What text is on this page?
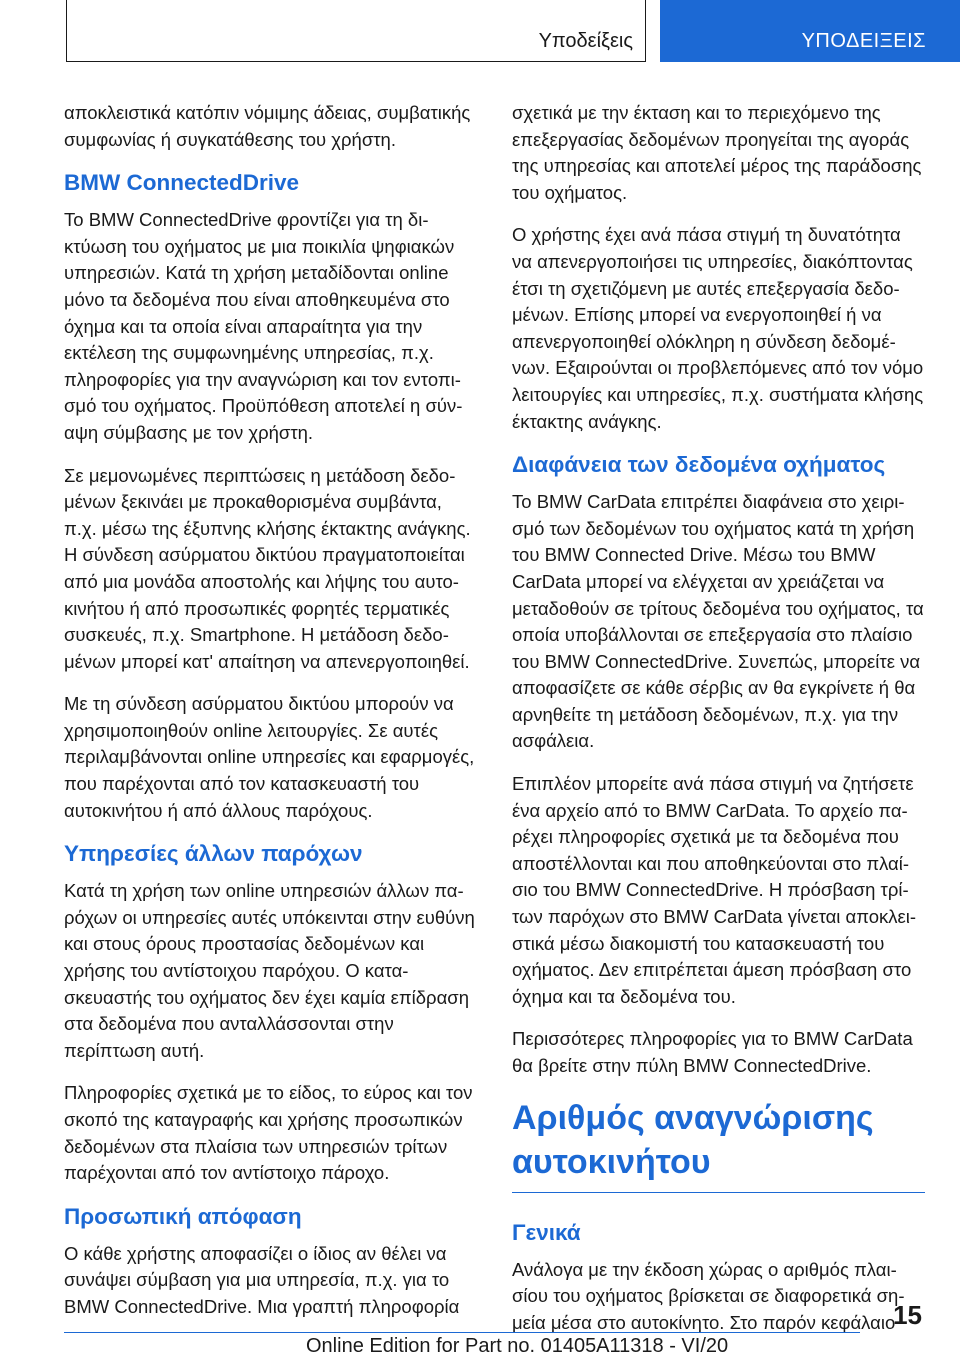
Υποδείξεις	ΥΠΟΔΕΙΞΕΙΣ

αποκλειστικά κατόπιν νόμιμης άδειας, συμβατικής συμφωνίας ή συγκατάθεσης του χρήστη.

BMW ConnectedDrive

Το BMW ConnectedDrive φροντίζει για τη δικτύωση του οχήματος με μια ποικιλία ψηφιακών υπηρεσιών. Κατά τη χρήση μεταδίδονται online μόνο τα δεδομένα που είναι αποθηκευμένα στο όχημα και τα οποία είναι απαραίτητα για την εκτέλεση της συμφωνημένης υπηρεσίας, π.χ. πληροφορίες για την αναγνώριση και τον εντοπισμό του οχήματος. Προϋπόθεση αποτελεί η σύναψη σύμβασης με τον χρήστη.

Σε μεμονωμένες περιπτώσεις η μετάδοση δεδομένων ξεκινάει με προκαθορισμένα συμβάντα, π.χ. μέσω της έξυπνης κλήσης έκτακτης ανάγκης. Η σύνδεση ασύρματου δικτύου πραγματοποιείται από μια μονάδα αποστολής και λήψης του αυτοκινήτου ή από προσωπικές φορητές τερματικές συσκευές, π.χ. Smartphone. Η μετάδοση δεδομένων μπορεί κατ' απαίτηση να απενεργοποιηθεί.

Με τη σύνδεση ασύρματου δικτύου μπορούν να χρησιμοποιηθούν online λειτουργίες. Σε αυτές περιλαμβάνονται online υπηρεσίες και εφαρμογές, που παρέχονται από τον κατασκευαστή του αυτοκινήτου ή από άλλους παρόχους.

Υπηρεσίες άλλων παρόχων

Κατά τη χρήση των online υπηρεσιών άλλων παρόχων οι υπηρεσίες αυτές υπόκεινται στην ευθύνη και στους όρους προστασίας δεδομένων και χρήσης του αντίστοιχου παρόχου. Ο κατασκευαστής του οχήματος δεν έχει καμία επίδραση στα δεδομένα που ανταλλάσσονται στην περίπτωση αυτή.

Πληροφορίες σχετικά με το είδος, το εύρος και τον σκοπό της καταγραφής και χρήσης προσωπικών δεδομένων στα πλαίσια των υπηρεσιών τρίτων παρέχονται από τον αντίστοιχο πάροχο.

Προσωπική απόφαση

Ο κάθε χρήστης αποφασίζει ο ίδιος αν θέλει να συνάψει σύμβαση για μια υπηρεσία, π.χ. για το BMW ConnectedDrive. Μια γραπτή πληροφορία

σχετικά με την έκταση και το περιεχόμενο της επεξεργασίας δεδομένων προηγείται της αγοράς της υπηρεσίας και αποτελεί μέρος της παράδοσης του οχήματος.

Ο χρήστης έχει ανά πάσα στιγμή τη δυνατότητα να απενεργοποιήσει τις υπηρεσίες, διακόπτοντας έτσι τη σχετιζόμενη με αυτές επεξεργασία δεδομένων. Επίσης μπορεί να ενεργοποιηθεί ή να απενεργοποιηθεί ολόκληρη η σύνδεση δεδομένων. Εξαιρούνται οι προβλεπόμενες από τον νόμο λειτουργίες και υπηρεσίες, π.χ. συστήματα κλήσης έκτακτης ανάγκης.

Διαφάνεια των δεδομένα οχήματος

Το BMW CarData επιτρέπει διαφάνεια στο χειρισμό των δεδομένων του οχήματος κατά τη χρήση του BMW Connected Drive. Μέσω του BMW CarData μπορεί να ελέγχεται αν χρειάζεται να μεταδοθούν σε τρίτους δεδομένα του οχήματος, τα οποία υποβάλλονται σε επεξεργασία στο πλαίσιο του BMW ConnectedDrive. Συνεπώς, μπορείτε να αποφασίζετε σε κάθε σέρβις αν θα εγκρίνετε ή θα αρνηθείτε τη μετάδοση δεδομένων, π.χ. για την ασφάλεια.

Επιπλέον μπορείτε ανά πάσα στιγμή να ζητήσετε ένα αρχείο από το BMW CarData. Το αρχείο παρέχει πληροφορίες σχετικά με τα δεδομένα που αποστέλλονται και που αποθηκεύονται στο πλαίσιο του BMW ConnectedDrive. Η πρόσβαση τρίτων παρόχων στο BMW CarData γίνεται αποκλειστικά μέσω διακομιστή του κατασκευαστή του οχήματος. Δεν επιτρέπεται άμεση πρόσβαση στο όχημα και τα δεδομένα του.

Περισσότερες πληροφορίες για το BMW CarData θα βρείτε στην πύλη BMW ConnectedDrive.

Αριθμός αναγνώρισης αυτοκινήτου
Γενικά

Ανάλογα με την έκδοση χώρας ο αριθμός πλαισίου του οχήματος βρίσκεται σε διαφορετικά σημεία μέσα στο αυτοκίνητο. Στο παρόν κεφάλαιο

15
Online Edition for Part no. 01405A11318 - VI/20
